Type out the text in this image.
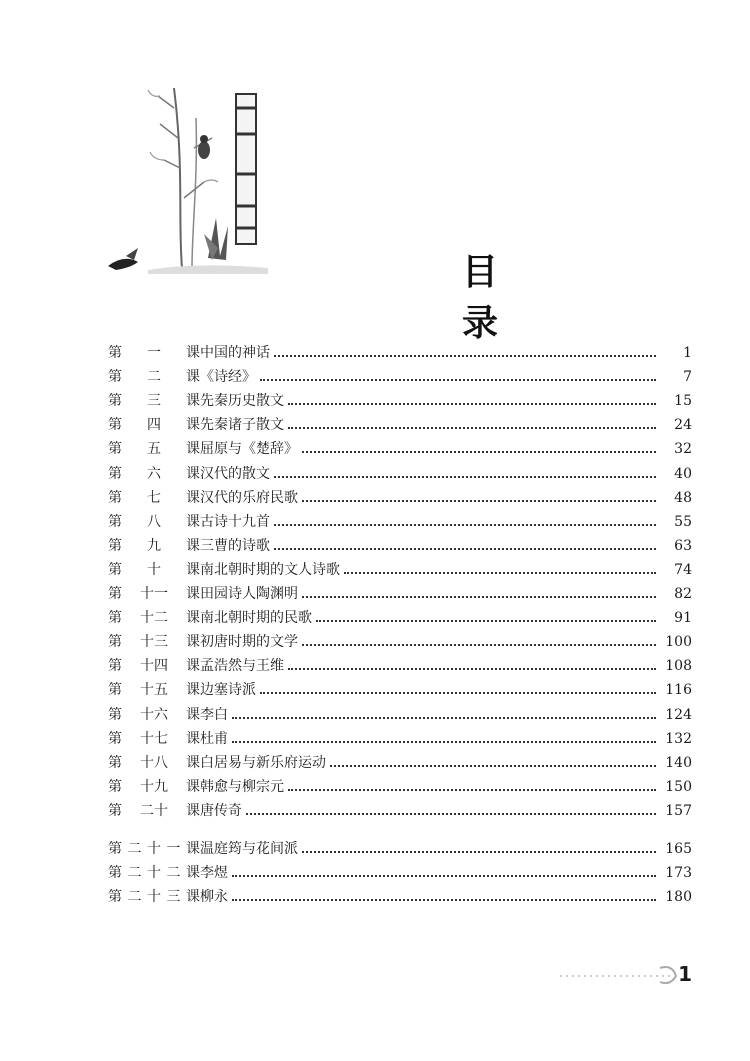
目 录
第 一 课 中国的神话	1
第 二 课 《诗经》	7
第 三 课 先秦历史散文	15
第 四 课 先秦诸子散文	24
第 五 课 屈原与《楚辞》	32
第 六 课 汉代的散文	40
第 七 课 汉代的乐府民歌	48
第 八 课 古诗十九首	55
第 九 课 三曹的诗歌	63
第 十 课 南北朝时期的文人诗歌	74
第 十一 课 田园诗人陶渊明	82
第 十二 课 南北朝时期的民歌	91
第 十三 课 初唐时期的文学	100
第 十四 课 孟浩然与王维	108
第 十五 课 边塞诗派	116
第 十六 课 李白	124
第 十七 课 杜甫	132
第 十八 课 白居易与新乐府运动	140
第 十九 课 韩愈与柳宗元	150
第 二十 课 唐传奇	157
第 二 十 一 课 温庭筠与花间派	165
第 二 十 二 课 李煜	173
第 二 十 三 课 柳永	180
1
